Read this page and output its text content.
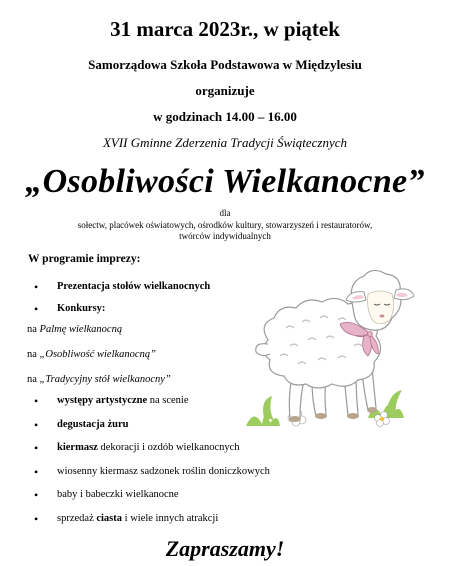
31 marca 2023r., w piątek
Samorządowa Szkoła Podstawowa w Międzylesiu
organizuje
w godzinach 14.00 – 16.00
XVII Gminne Zderzenia Tradycji Świątecznych
„Osobliwości Wielkanocne”
dla
sołectw, placówek oświatowych, ośrodków kultury, stowarzyszeń i restauratorów,
twórców indywidualnych
W programie imprezy:
• Prezentacja stołów wielkanocnych
• Konkursy:
na Palmę wielkanocną
na „Osobliwość wielkanocną”
na „Tradycyjny stół wielkanocny”
• występy artystyczne na scenie
• degustacja żuru
• kiermasz dekoracji i ozdób wielkanocnych
• wiosenny kiermasz sadzonek roślin doniczkowych
• baby i babeczki wielkanocne
• sprzedaż ciasta i wiele innych atrakcji
Zapraszamy!
